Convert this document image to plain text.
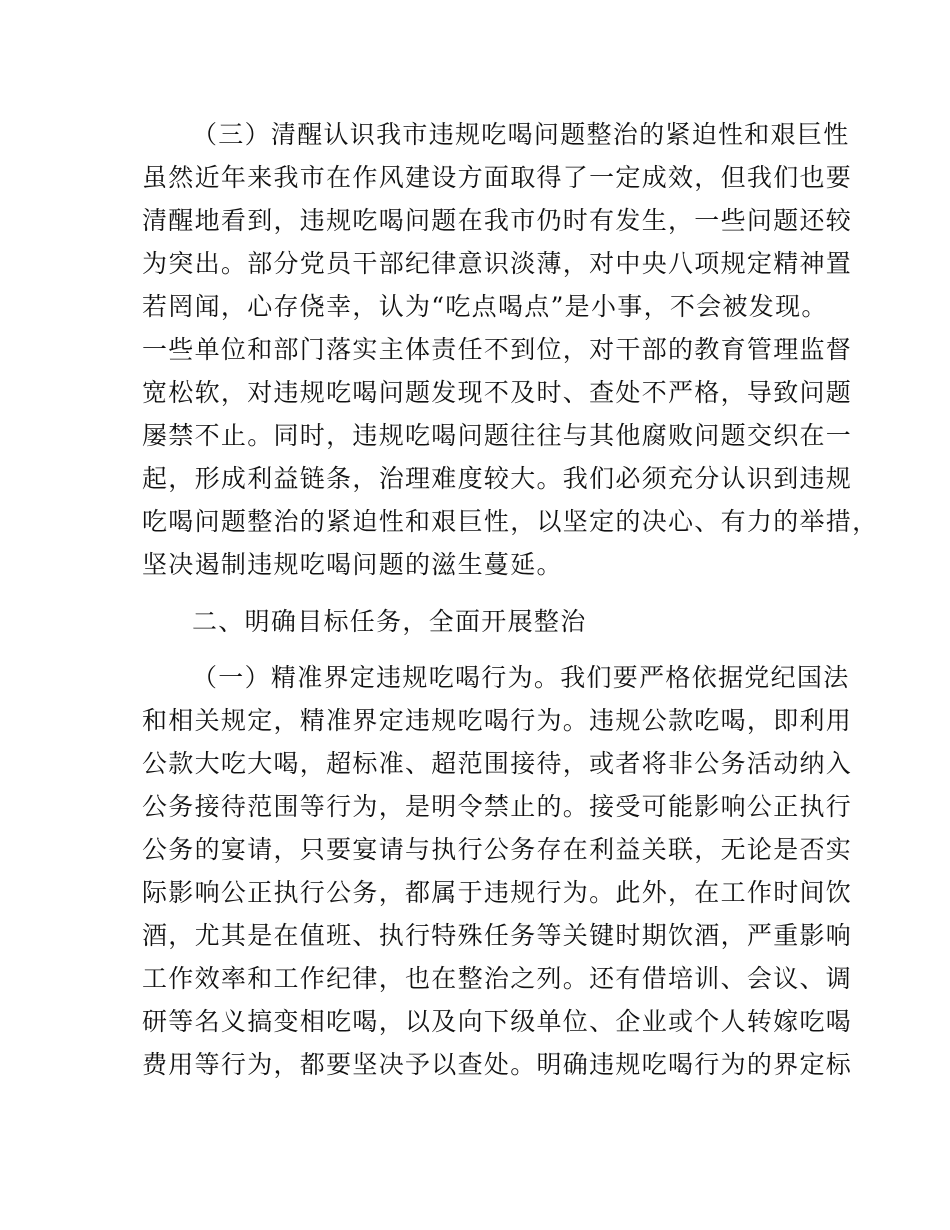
（三）清醒认识我市违规吃喝问题整治的紧迫性和艰巨性
虽然近年来我市在作风建设方面取得了一定成效，但我们也要
清醒地看到，违规吃喝问题在我市仍时有发生，一些问题还较
为突出。部分党员干部纪律意识淡薄，对中央八项规定精神置
若罔闻，心存侥幸，认为“吃点喝点”是小事，不会被发现。
一些单位和部门落实主体责任不到位，对干部的教育管理监督
宽松软，对违规吃喝问题发现不及时、查处不严格，导致问题
屡禁不止。同时，违规吃喝问题往往与其他腐败问题交织在一
起，形成利益链条，治理难度较大。我们必须充分认识到违规
吃喝问题整治的紧迫性和艰巨性，以坚定的决心、有力的举措，
坚决遏制违规吃喝问题的滋生蔓延。
二、明确目标任务，全面开展整治
（一）精准界定违规吃喝行为。我们要严格依据党纪国法
和相关规定，精准界定违规吃喝行为。违规公款吃喝，即利用
公款大吃大喝，超标准、超范围接待，或者将非公务活动纳入
公务接待范围等行为，是明令禁止的。接受可能影响公正执行
公务的宴请，只要宴请与执行公务存在利益关联，无论是否实
际影响公正执行公务，都属于违规行为。此外，在工作时间饮
酒，尤其是在值班、执行特殊任务等关键时期饮酒，严重影响
工作效率和工作纪律，也在整治之列。还有借培训、会议、调
研等名义搞变相吃喝，以及向下级单位、企业或个人转嫁吃喝
费用等行为，都要坚决予以查处。明确违规吃喝行为的界定标
